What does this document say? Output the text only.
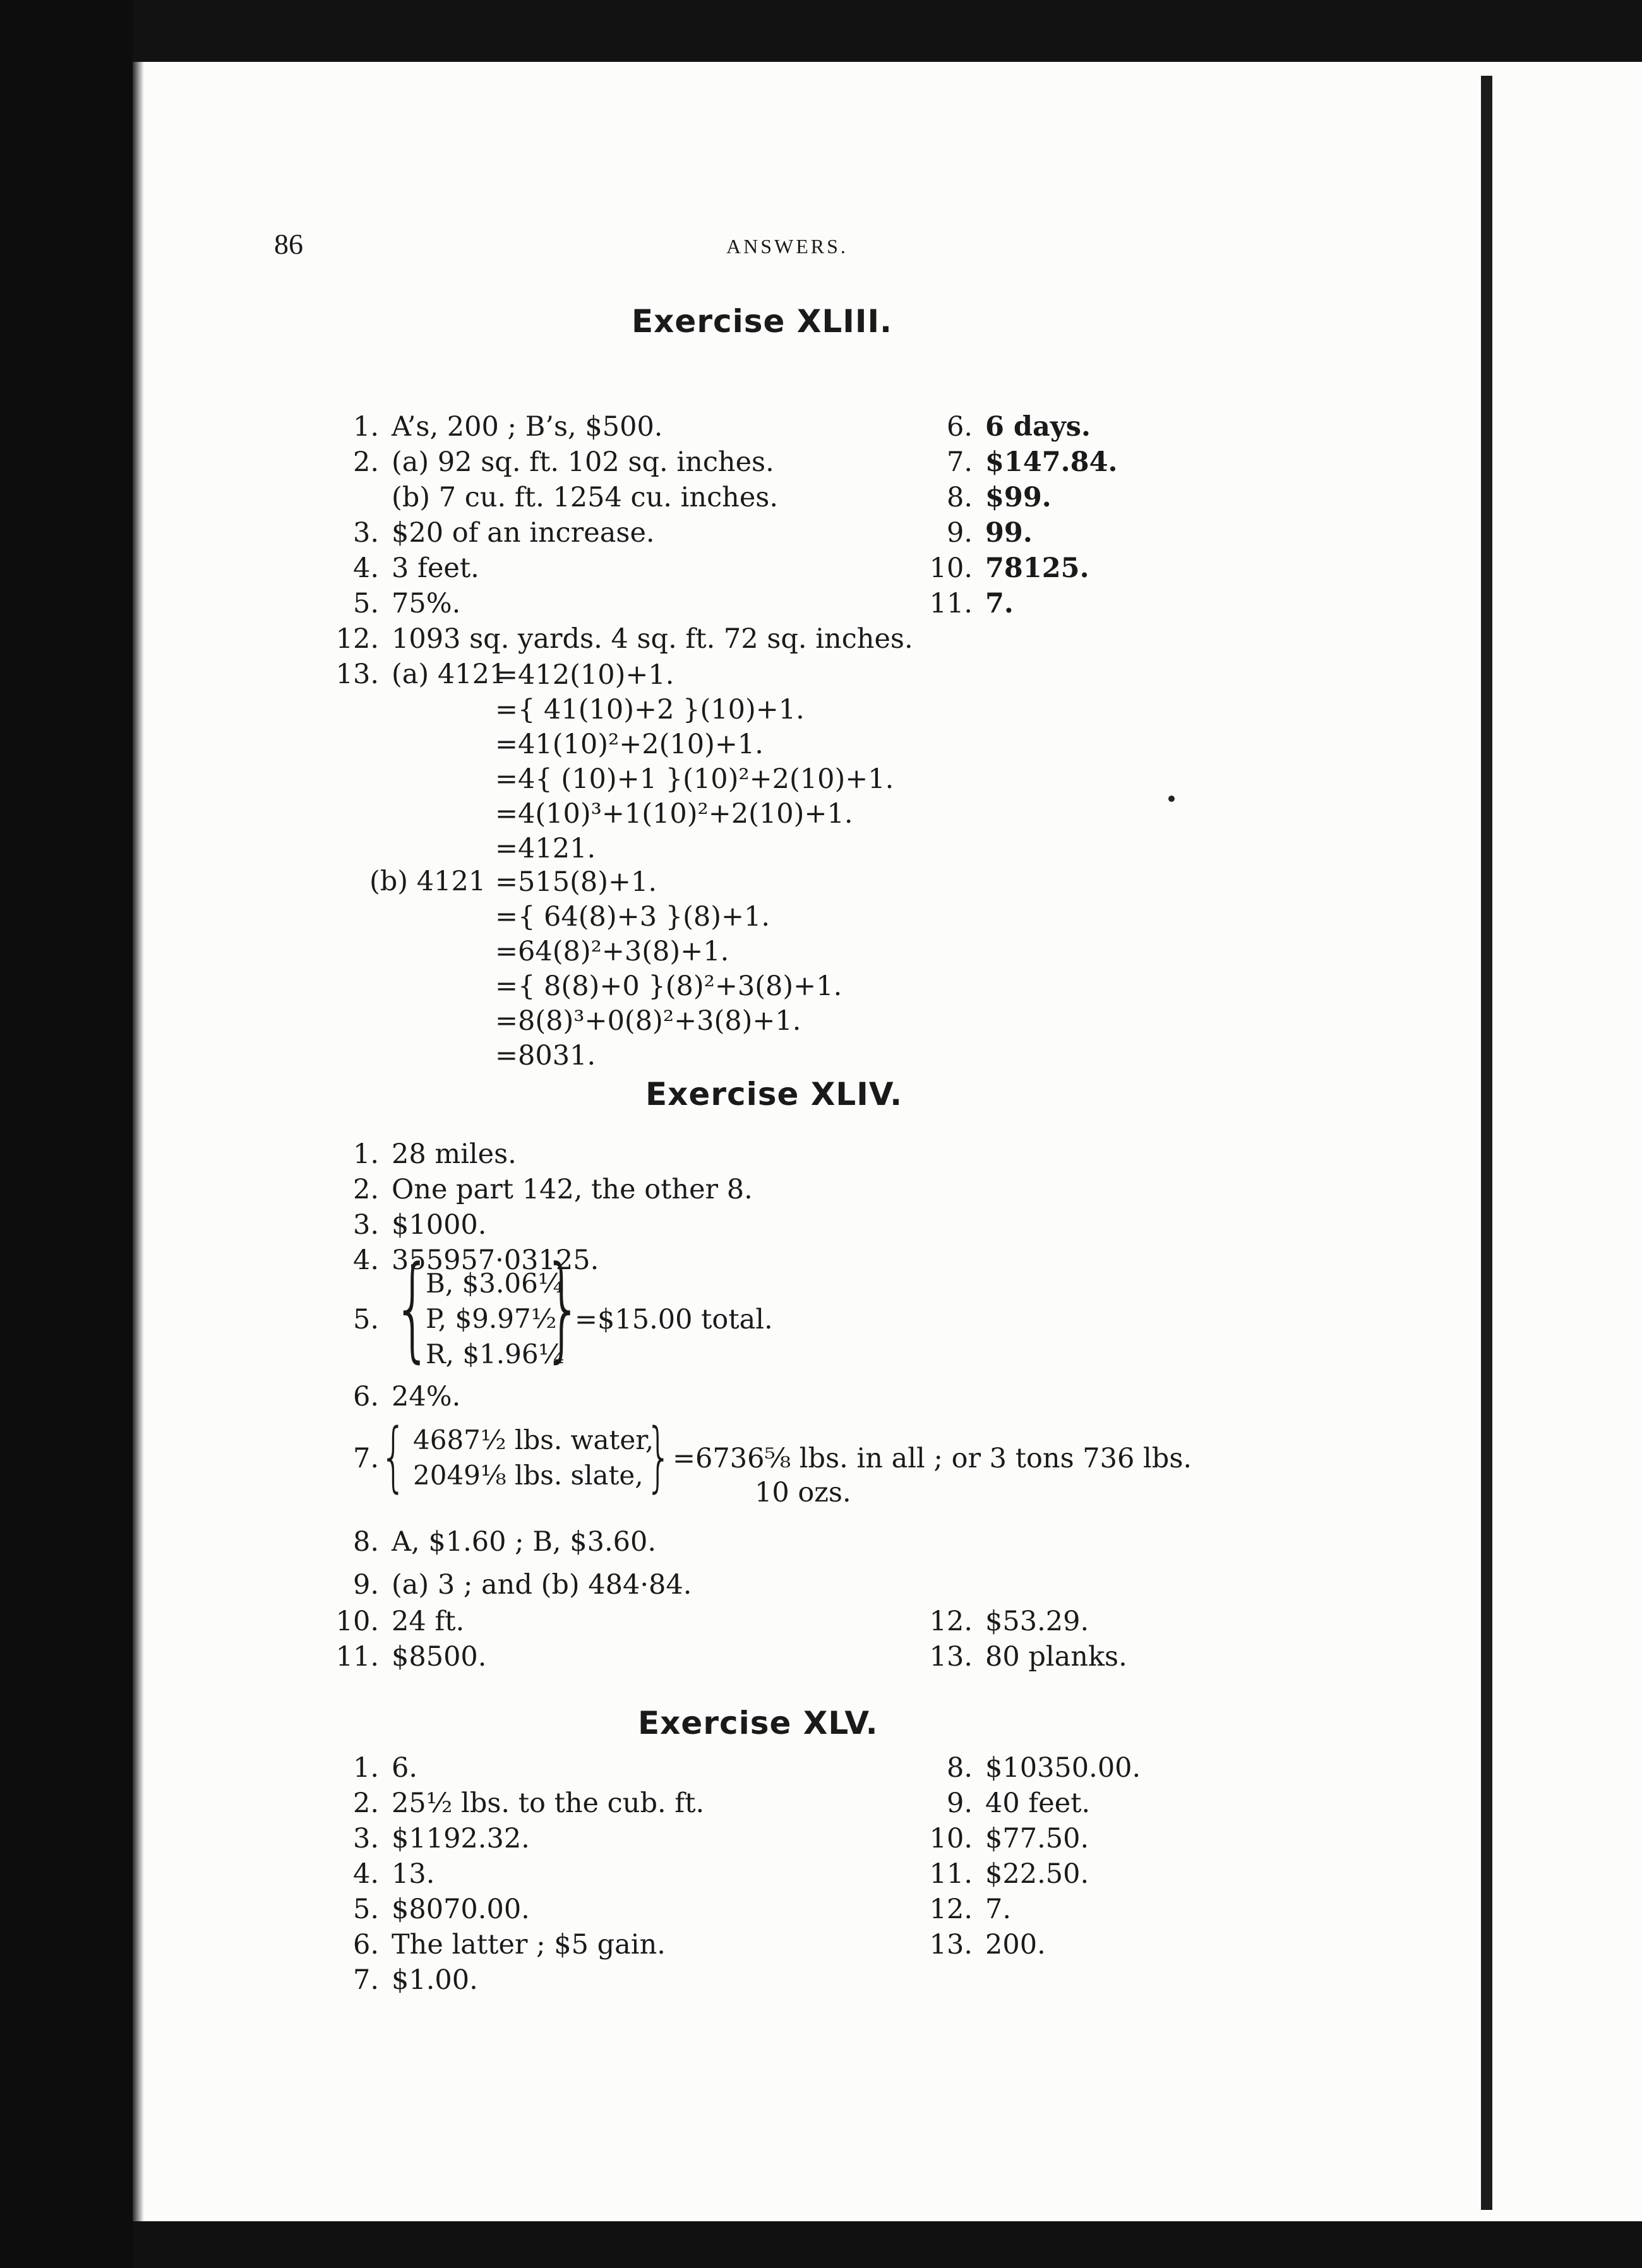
86	ANSWERS.
Exercise XLIII.
1. A’s, 200 ; B’s, $500.
2. (a) 92 sq. ft. 102 sq. inches.
(b) 7 cu. ft. 1254 cu. inches.
3. $20 of an increase.
4. 3 feet.
5. 75%.
6. 6 days.
7. $147.84.
8. $99.
9. 99.
10. 78125.
11. 7.
12. 1093 sq. yards. 4 sq. ft. 72 sq. inches.
13. (a) 4121
=412(10)+1.
={ 41(10)+2 }(10)+1.
=41(10)²+2(10)+1.
=4{ (10)+1 }(10)²+2(10)+1.
=4(10)³+1(10)²+2(10)+1.
=4121.
(b) 4121 =515(8)+1.
={ 64(8)+3 }(8)+1.
=64(8)²+3(8)+1.
={ 8(8)+0 }(8)²+3(8)+1.
=8(8)³+0(8)²+3(8)+1.
=8031.
Exercise XLIV.
1. 28 miles.
2. One part 142, the other 8.
3. $1000.
4. 355957·03125.
5. {
B, $3.06¼
P, $9.97½
R, $1.96¼
}
=$15.00 total.
6. 24%.
7. { 4687½ lbs. water,
2049⅛ lbs. slate, } =6736⅝ lbs. in all ; or 3 tons 736 lbs.
10 ozs.
8. A, $1.60 ; B, $3.60.
9. (a) 3 ; and (b) 484·84.
10. 24 ft.
11. $8500.
12. $53.29.
13. 80 planks.
Exercise XLV.
1. 6.
2. 25½ lbs. to the cub. ft.
3. $1192.32.
4. 13.
5. $8070.00.
6. The latter ; $5 gain.
7. $1.00.
8. $10350.00.
9. 40 feet.
10. $77.50.
11. $22.50.
12. 7.
13. 200.
